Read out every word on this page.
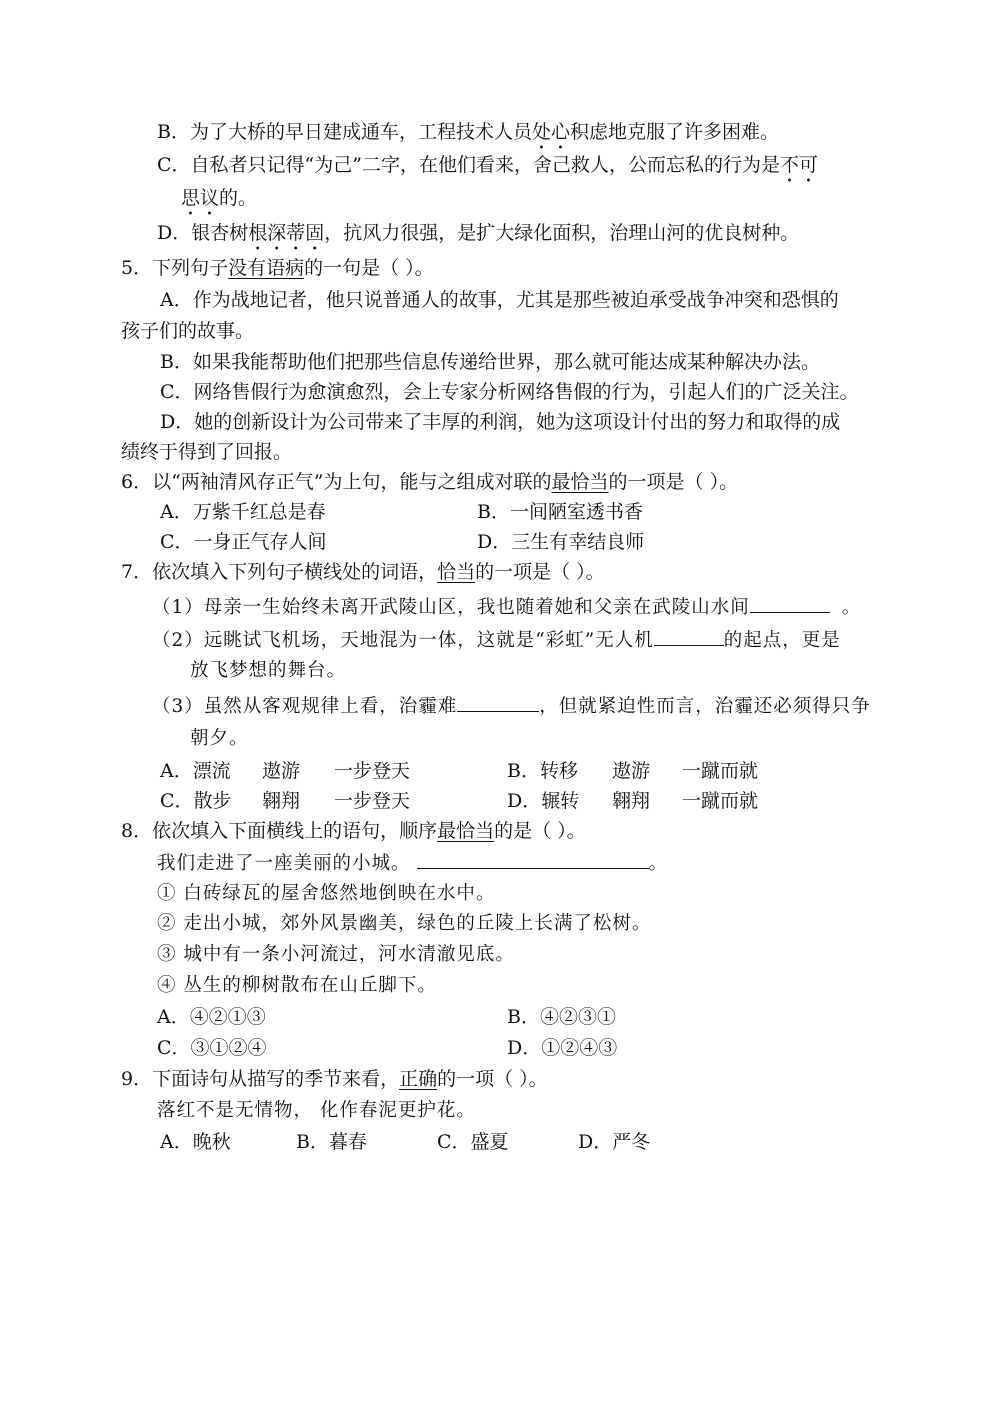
B．为了大桥的早日建成通车，工程技术人员处心积虑地克服了许多困难。
C．自私者只记得“为己”二字，在他们看来，舍己救人，公而忘私的行为是不可
思议的。
D．银杏树根深蒂固，抗风力很强，是扩大绿化面积，治理山河的优良树种。
5．下列句子没有语病的一句是（ ）。
A．作为战地记者，他只说普通人的故事，尤其是那些被迫承受战争冲突和恐惧的
孩子们的故事。
B．如果我能帮助他们把那些信息传递给世界，那么就可能达成某种解决办法。
C．网络售假行为愈演愈烈，会上专家分析网络售假的行为，引起人们的广泛关注。
D．她的创新设计为公司带来了丰厚的利润，她为这项设计付出的努力和取得的成
绩终于得到了回报。
6．以“两袖清风存正气”为上句，能与之组成对联的最恰当的一项是（ ）。
A．万紫千红总是春	B．一间陋室透书香
C．一身正气存人间	D．三生有幸结良师
7．依次填入下列句子横线处的词语，恰当的一项是（ ）。
（1）母亲一生始终未离开武陵山区，我也随着她和父亲在武陵山水间	。
（2）远眺试飞机场，天地混为一体，这就是“彩虹”无人机	的起点，更是
放飞梦想的舞台。
（3）虽然从客观规律上看，治霾难	，但就紧迫性而言，治霾还必须得只争
朝夕。
A．漂流 遨游 一步登天	B．转移 遨游 一蹴而就
C．散步 翱翔 一步登天	D．辗转 翱翔 一蹴而就
8．依次填入下面横线上的语句，顺序最恰当的是（ ）。
我们走进了一座美丽的小城。	。
① 白砖绿瓦的屋舍悠然地倒映在水中。
② 走出小城，郊外风景幽美，绿色的丘陵上长满了松树。
③ 城中有一条小河流过，河水清澈见底。
④ 丛生的柳树散布在山丘脚下。
A．④②①③	B．④②③①
C．③①②④	D．①②④③
9．下面诗句从描写的季节来看，正确的一项（ ）。
落红不是无情物， 化作春泥更护花。
A．晚秋	B．暮春	C．盛夏	D．严冬
